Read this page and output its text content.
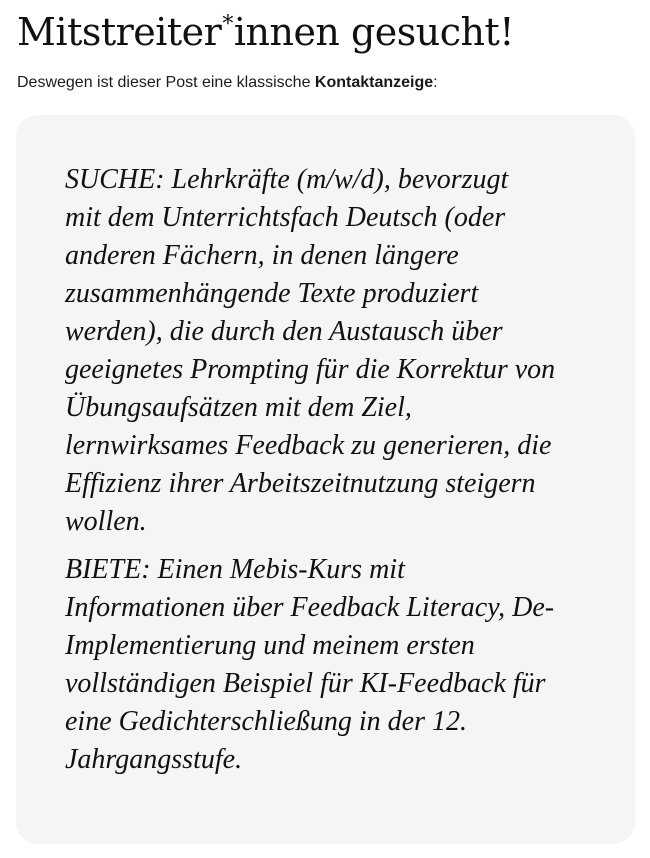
Mitstreiter*innen gesucht!

Deswegen ist dieser Post eine klassische Kontaktanzeige:

SUCHE: Lehrkräfte (m/w/d), bevorzugt
mit dem Unterrichtsfach Deutsch (oder
anderen Fächern, in denen längere
zusammenhängende Texte produziert
werden), die durch den Austausch über
geeignetes Prompting für die Korrektur von
Übungsaufsätzen mit dem Ziel,
lernwirksames Feedback zu generieren, die
Effizienz ihrer Arbeitszeitnutzung steigern
wollen.

BIETE: Einen Mebis-Kurs mit
Informationen über Feedback Literacy, De-
Implementierung und meinem ersten
vollständigen Beispiel für KI-Feedback für
eine Gedichterschließung in der 12.
Jahrgangsstufe.
